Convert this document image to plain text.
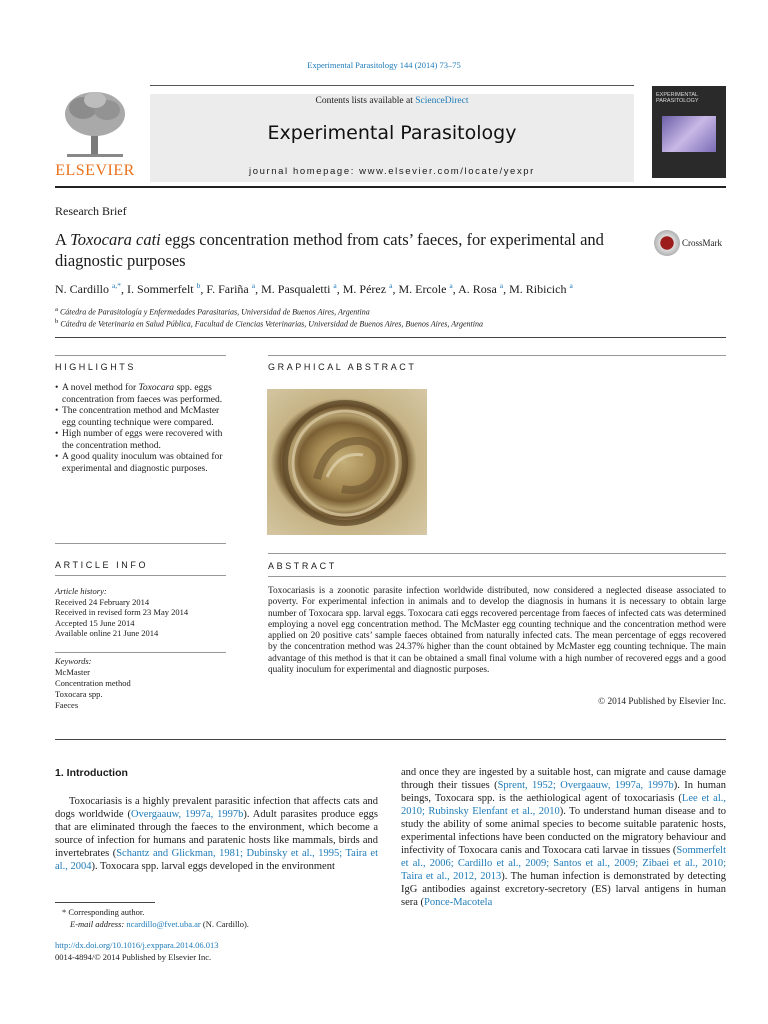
Experimental Parasitology 144 (2014) 73–75
ELSEVIER
Contents lists available at ScienceDirect
Experimental Parasitology
journal homepage: www.elsevier.com/locate/yexpr
EXPERIMENTAL PARASITOLOGY
Research Brief
A Toxocara cati eggs concentration method from cats’ faeces, for experimental and diagnostic purposes
CrossMark
N. Cardillo $^{a,*}$, I. Sommerfelt $^b$, F. Fariña $^a$, M. Pasqualetti $^a$, M. Pérez $^a$, M. Ercole $^a$, A. Rosa $^a$, M. Ribicich $^a$
$^a$ Cátedra de Parasitología y Enfermedades Parasitarias, Universidad de Buenos Aires, Argentina
$^b$ Cátedra de Veterinaria en Salud Pública, Facultad de Ciencias Veterinarias, Universidad de Buenos Aires, Buenos Aires, Argentina
HIGHLIGHTS
• A novel method for Toxocara spp. eggs concentration from faeces was performed.
• The concentration method and McMaster egg counting technique were compared.
• High number of eggs were recovered with the concentration method.
• A good quality inoculum was obtained for experimental and diagnostic purposes.
GRAPHICAL ABSTRACT
ARTICLE INFO
Article history:
Received 24 February 2014
Received in revised form 23 May 2014
Accepted 15 June 2014
Available online 21 June 2014
Keywords:
McMaster
Concentration method
Toxocara spp.
Faeces
ABSTRACT
Toxocariasis is a zoonotic parasite infection worldwide distributed, now considered a neglected disease associated to poverty. For experimental infection in animals and to develop the diagnosis in humans it is necessary to obtain large number of Toxocara spp. larval eggs. Toxocara cati eggs recovered percentage from faeces of infected cats was determined employing a novel egg concentration method. The McMaster egg counting technique and the concentration method were applied on 20 positive cats’ sample faeces obtained from naturally infected cats. The mean percentage of eggs recovered by the concentration method was 24.37% higher than the count obtained by McMaster egg counting technique. The main advantage of this method is that it can be obtained a small final volume with a high number of recovered eggs and a good quality inoculum for experimental and diagnostic purposes.
© 2014 Published by Elsevier Inc.
1. Introduction
Toxocariasis is a highly prevalent parasitic infection that affects cats and dogs worldwide (Overgaauw, 1997a, 1997b). Adult parasites produce eggs that are eliminated through the faeces to the environment, which become a source of infection for humans and paratenic hosts like mammals, birds and invertebrates (Schantz and Glickman, 1981; Dubinsky et al., 1995; Taira et al., 2004). Toxocara spp. larval eggs developed in the environment
and once they are ingested by a suitable host, can migrate and cause damage through their tissues (Sprent, 1952; Overgaauw, 1997a, 1997b). In human beings, Toxocara spp. is the aethiological agent of toxocariasis (Lee et al., 2010; Rubinsky Elenfant et al., 2010). To understand human disease and to study the ability of some animal species to become suitable paratenic hosts, experimental infections have been conducted on the migratory behaviour and infectivity of Toxocara canis and Toxocara cati larvae in tissues (Sommerfelt et al., 2006; Cardillo et al., 2009; Santos et al., 2009; Zibaei et al., 2010; Taira et al., 2012, 2013). The human infection is demonstrated by detecting IgG antibodies against excretory-secretory (ES) larval antigens in human sera (Ponce-Macotela
* Corresponding author.
E-mail address: ncardillo@fvet.uba.ar (N. Cardillo).
http://dx.doi.org/10.1016/j.exppara.2014.06.013
0014-4894/© 2014 Published by Elsevier Inc.
